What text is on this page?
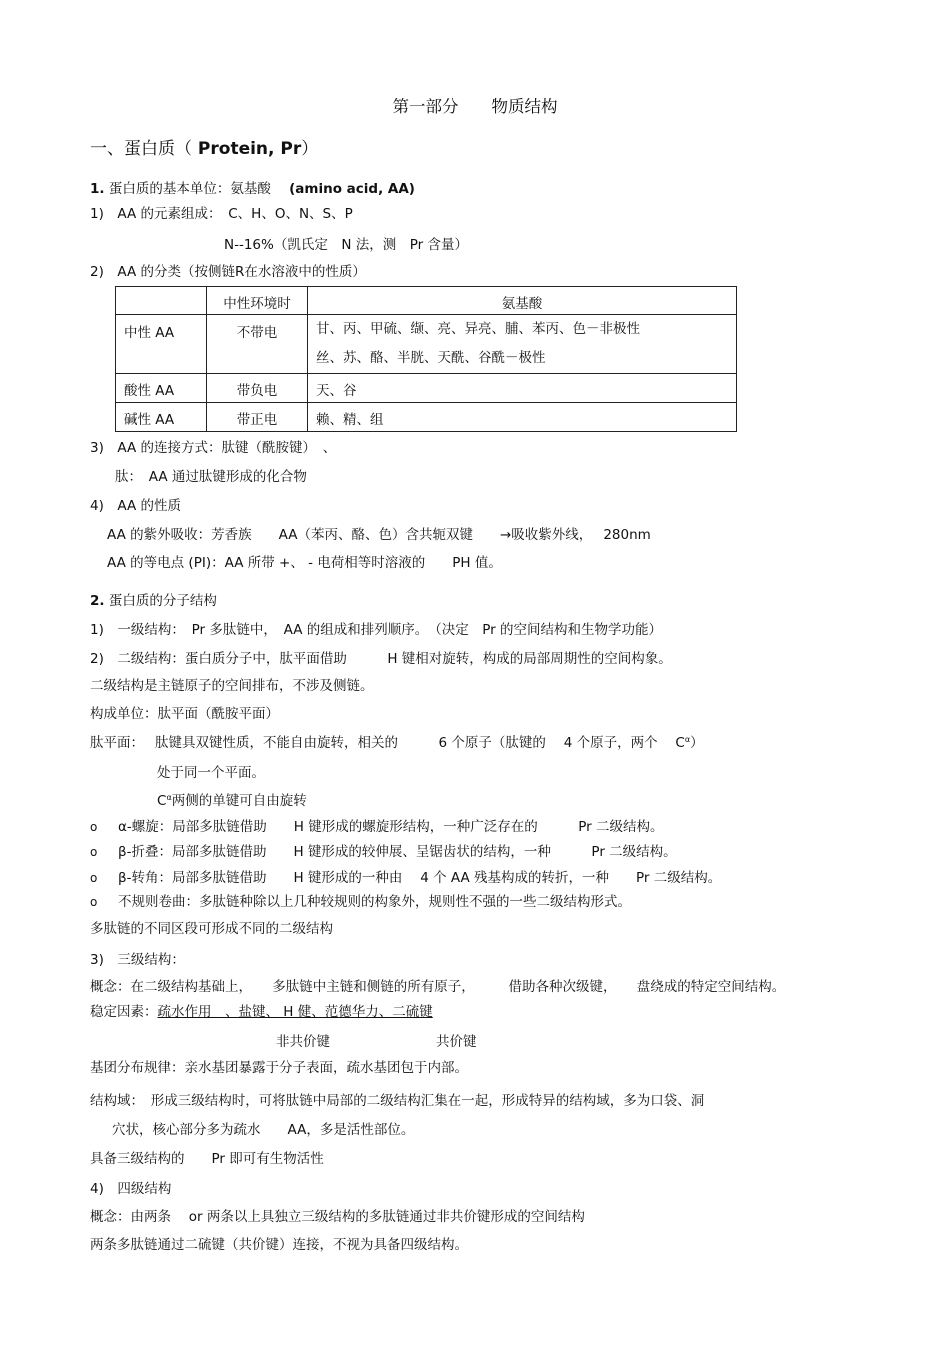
第一部分　　物质结构
一、蛋白质（ Protein, Pr）
1. 蛋白质的基本单位：氨基酸 (amino acid, AA)
1)　AA 的元素组成：　C、H、O、N、S、P
N--16%（凯氏定　N 法，测　Pr 含量）
2)　AA 的分类（按侧链R在水溶液中的性质）
	中性环境时	氨基酸
中性 AA	不带电	甘、丙、甲硫、缬、亮、异亮、脯、苯丙、色－非极性
丝、苏、酪、半胱、天酰、谷酰－极性

酸性 AA	带负电	天、谷
碱性 AA	带正电	赖、精、组
3)　AA 的连接方式：肽键（酰胺键）　、
肽：　AA 通过肽键形成的化合物
4)　AA 的性质
AA 的紫外吸收：芳香族　　AA（苯丙、酪、色）含共轭双键　　→吸收紫外线，　 280nm
AA 的等电点 (PI)：AA 所带 +、 - 电荷相等时溶液的　　PH 值。
2. 蛋白质的分子结构
1)　一级结构：　Pr 多肽链中，　AA 的组成和排列顺序。　（决定　Pr 的空间结构和生物学功能）
2)　二级结构：蛋白质分子中，肽平面借助　　　H 键相对旋转，构成的局部周期性的空间构象。
二级结构是主链原子的空间排布，不涉及侧链。
构成单位：肽平面（酰胺平面）
肽平面：　 肽键具双键性质，不能自由旋转，相关的　　　6 个原子（肽键的　 4 个原子，两个　 $C^\alpha$）
处于同一个平面。
$C^\alpha$两侧的单键可自由旋转
o α-螺旋：局部多肽链借助　　H 键形成的螺旋形结构，一种广泛存在的　　　Pr 二级结构。
o β-折叠：局部多肽链借助　　H 键形成的较伸展、呈锯齿状的结构，一种　　　Pr 二级结构。
o β-转角：局部多肽链借助　　H 键形成的一种由　 4 个 AA 残基构成的转折，一种　　Pr 二级结构。
o 不规则卷曲：多肽链种除以上几种较规则的构象外，规则性不强的一些二级结构形式。
多肽链的不同区段可形成不同的二级结构
3)　三级结构：
概念：在二级结构基础上，　　多肽链中主链和侧链的所有原子，　　　借助各种次级键，　　盘绕成的特定空间结构。
稳定因素：疏水作用　、盐键、 H 健、范德华力、二硫键
非共价键	共价键
基团分布规律：亲水基团暴露于分子表面，疏水基团包于内部。
结构域：　形成三级结构时，可将肽链中局部的二级结构汇集在一起，形成特异的结构域，多为口袋、洞
穴状，核心部分多为疏水　　AA，多是活性部位。
具备三级结构的　　Pr 即可有生物活性
4)　四级结构
概念：由两条　 or 两条以上具独立三级结构的多肽链通过非共价键形成的空间结构
两条多肽链通过二硫键（共价键）连接，不视为具备四级结构。
